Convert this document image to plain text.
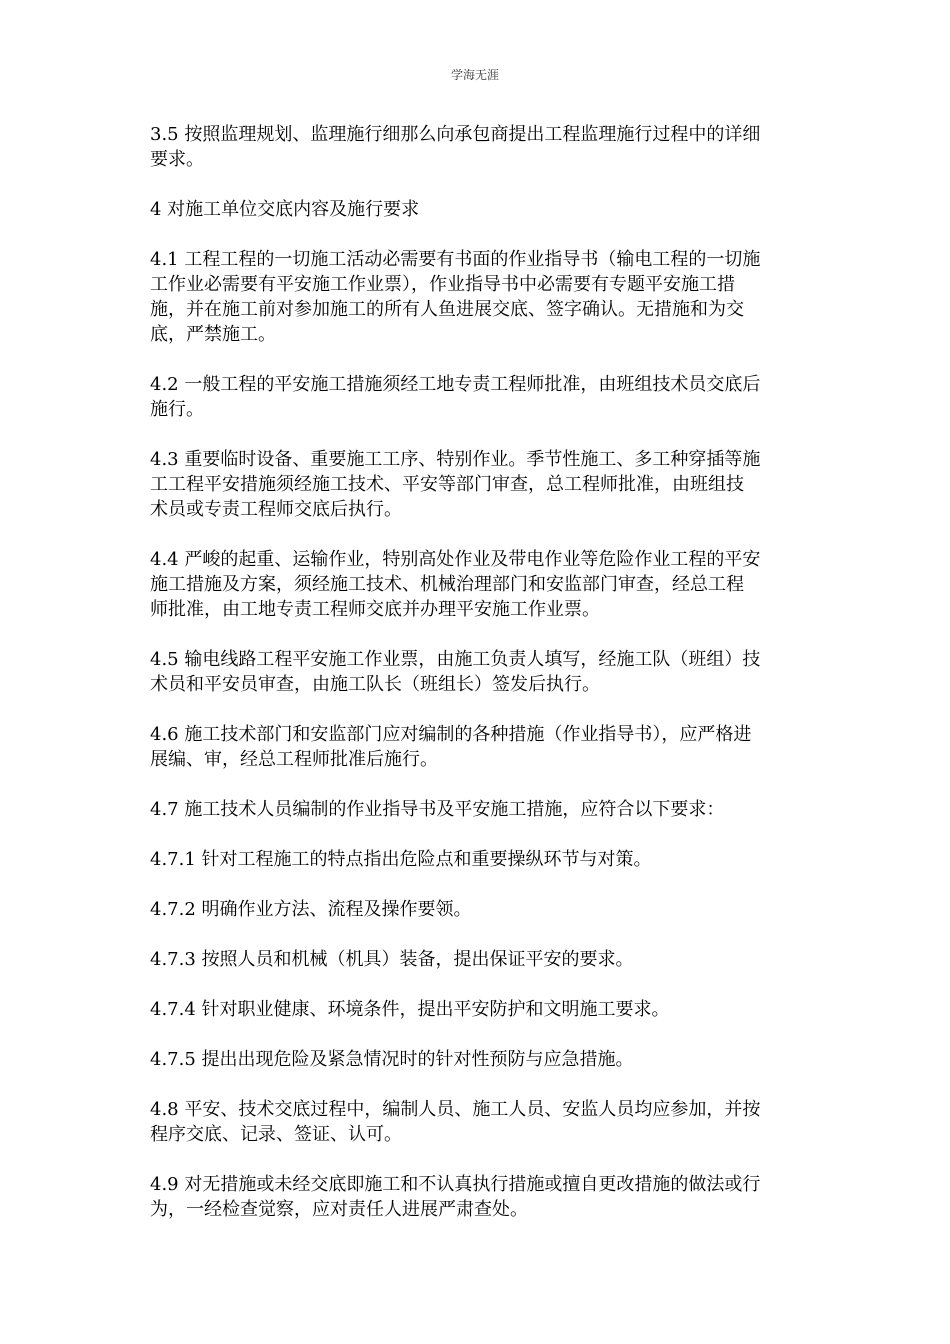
学海无涯
3.5 按照监理规划、监理施行细那么向承包商提出工程监理施行过程中的详细
要求。
4 对施工单位交底内容及施行要求
4.1 工程工程的一切施工活动必需要有书面的作业指导书（输电工程的一切施
工作业必需要有平安施工作业票），作业指导书中必需要有专题平安施工措
施，并在施工前对参加施工的所有人鱼进展交底、签字确认。无措施和为交
底，严禁施工。
4.2 一般工程的平安施工措施须经工地专责工程师批准，由班组技术员交底后
施行。
4.3 重要临时设备、重要施工工序、特别作业。季节性施工、多工种穿插等施
工工程平安措施须经施工技术、平安等部门审查，总工程师批准，由班组技
术员或专责工程师交底后执行。
4.4 严峻的起重、运输作业，特别高处作业及带电作业等危险作业工程的平安
施工措施及方案，须经施工技术、机械治理部门和安监部门审查，经总工程
师批准，由工地专责工程师交底并办理平安施工作业票。
4.5 输电线路工程平安施工作业票，由施工负责人填写，经施工队（班组）技
术员和平安员审查，由施工队长（班组长）签发后执行。
4.6 施工技术部门和安监部门应对编制的各种措施（作业指导书），应严格进
展编、审，经总工程师批准后施行。
4.7 施工技术人员编制的作业指导书及平安施工措施，应符合以下要求：
4.7.1 针对工程施工的特点指出危险点和重要操纵环节与对策。
4.7.2 明确作业方法、流程及操作要领。
4.7.3 按照人员和机械（机具）装备，提出保证平安的要求。
4.7.4 针对职业健康、环境条件，提出平安防护和文明施工要求。
4.7.5 提出出现危险及紧急情况时的针对性预防与应急措施。
4.8 平安、技术交底过程中，编制人员、施工人员、安监人员均应参加，并按
程序交底、记录、签证、认可。
4.9 对无措施或未经交底即施工和不认真执行措施或擅自更改措施的做法或行
为，一经检查觉察，应对责任人进展严肃查处。
